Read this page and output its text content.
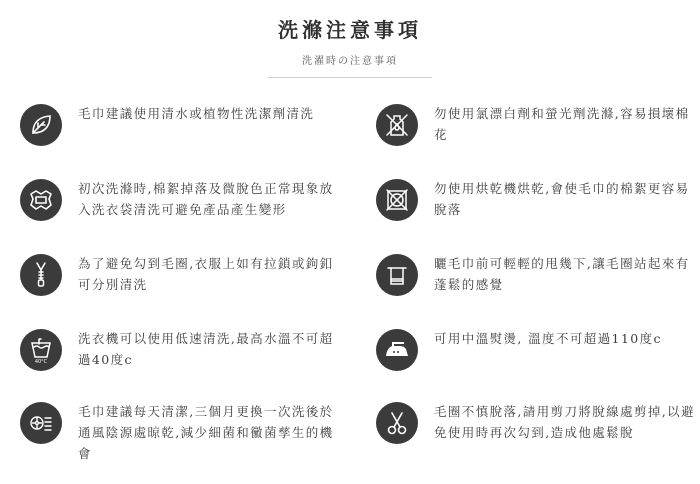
洗滌注意事項
洗濯時の注意事項
毛巾建議使用清水或植物性洗潔劑清洗
初次洗滌時,棉絮掉落及微脫色正常現象放入洗衣袋清洗可避免產品產生變形
為了避免勾到毛圈,衣服上如有拉鎖或鉤釦可分別清洗
40°C
洗衣機可以使用低速清洗,最高水溫不可超過40度c
毛巾建議每天清潔,三個月更換一次洗後於通風陰源處晾乾,減少細菌和黴菌孳生的機會
勿使用氯漂白劑和螢光劑洗滌,容易損壞棉花
勿使用烘乾機烘乾,會使毛巾的棉絮更容易脫落
曬毛巾前可輕輕的甩幾下,讓毛圈站起來有蓬鬆的感覺
可用中溫熨燙, 溫度不可超過110度c
毛圈不慎脫落,請用剪刀將脫線處剪掉,以避免使用時再次勾到,造成他處鬆脫
